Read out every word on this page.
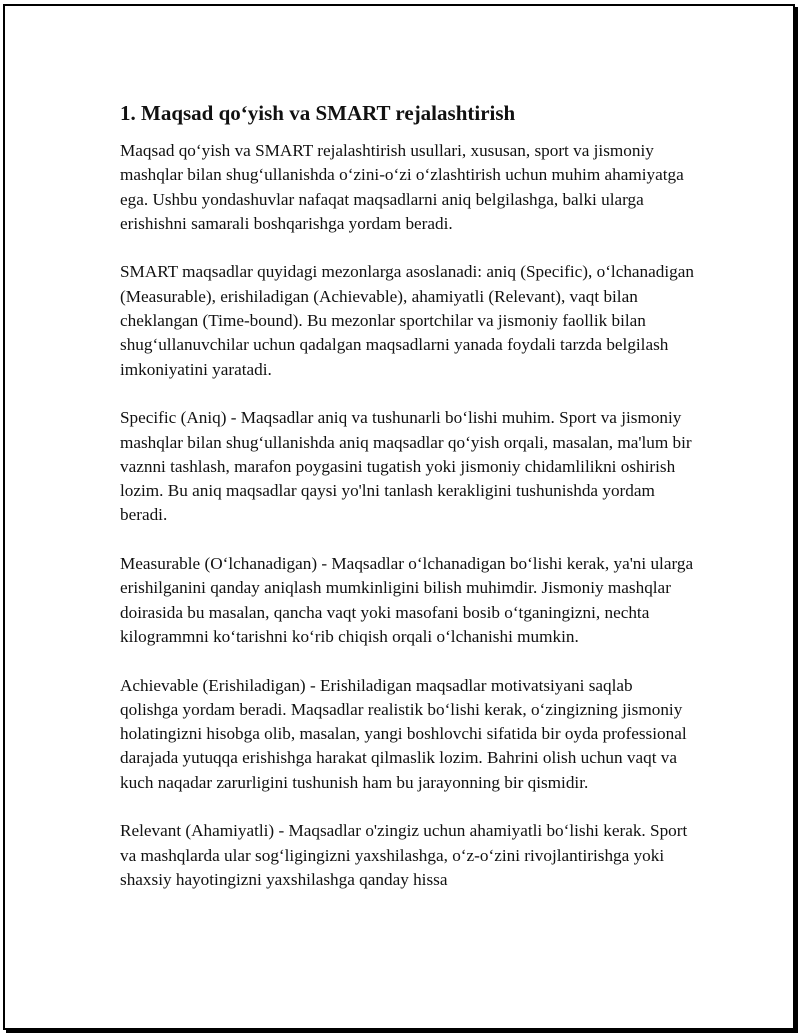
1. Maqsad qo‘yish va SMART rejalashtirish

Maqsad qo‘yish va SMART rejalashtirish usullari, xususan, sport va jismoniy mashqlar bilan shug‘ullanishda o‘zini-o‘zi o‘zlashtirish uchun muhim ahamiyatga ega. Ushbu yondashuvlar nafaqat maqsadlarni aniq belgilashga, balki ularga erishishni samarali boshqarishga yordam beradi.

SMART maqsadlar quyidagi mezonlarga asoslanadi: aniq (Specific), o‘lchanadigan (Measurable), erishiladigan (Achievable), ahamiyatli (Relevant), vaqt bilan cheklangan (Time-bound). Bu mezonlar sportchilar va jismoniy faollik bilan shug‘ullanuvchilar uchun qadalgan maqsadlarni yanada foydali tarzda belgilash imkoniyatini yaratadi.

Specific (Aniq) - Maqsadlar aniq va tushunarli bo‘lishi muhim. Sport va jismoniy mashqlar bilan shug‘ullanishda aniq maqsadlar qo‘yish orqali, masalan, ma'lum bir vaznni tashlash, marafon poygasini tugatish yoki jismoniy chidamlilikni oshirish lozim. Bu aniq maqsadlar qaysi yo'lni tanlash kerakligini tushunishda yordam beradi.

Measurable (O‘lchanadigan) - Maqsadlar o‘lchanadigan bo‘lishi kerak, ya'ni ularga erishilganini qanday aniqlash mumkinligini bilish muhimdir. Jismoniy mashqlar doirasida bu masalan, qancha vaqt yoki masofani bosib o‘tganingizni, nechta kilogrammni ko‘tarishni ko‘rib chiqish orqali o‘lchanishi mumkin.

Achievable (Erishiladigan) - Erishiladigan maqsadlar motivatsiyani saqlab qolishga yordam beradi. Maqsadlar realistik bo‘lishi kerak, o‘zingizning jismoniy holatingizni hisobga olib, masalan, yangi boshlovchi sifatida bir oyda professional darajada yutuqqa erishishga harakat qilmaslik lozim. Bahrini olish uchun vaqt va kuch naqadar zarurligini tushunish ham bu jarayonning bir qismidir.

Relevant (Ahamiyatli) - Maqsadlar o'zingiz uchun ahamiyatli bo‘lishi kerak. Sport va mashqlarda ular sog‘ligingizni yaxshilashga, o‘z-o‘zini rivojlantirishga yoki shaxsiy hayotingizni yaxshilashga qanday hissa
